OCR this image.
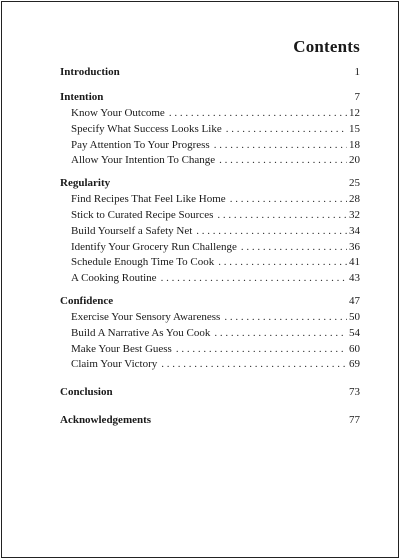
Contents
Introduction	1
Intention	7
Know Your Outcome . . .	12
Specify What Success Looks Like . . .	15
Pay Attention To Your Progress . . .	18
Allow Your Intention To Change . . .	20
Regularity	25
Find Recipes That Feel Like Home . . .	28
Stick to Curated Recipe Sources . . .	32
Build Yourself a Safety Net . . .	34
Identify Your Grocery Run Challenge . . .	36
Schedule Enough Time To Cook . . .	41
A Cooking Routine . . .	43
Confidence	47
Exercise Your Sensory Awareness . . .	50
Build A Narrative As You Cook . . .	54
Make Your Best Guess . . .	60
Claim Your Victory . . .	69
Conclusion	73
Acknowledgements	77
